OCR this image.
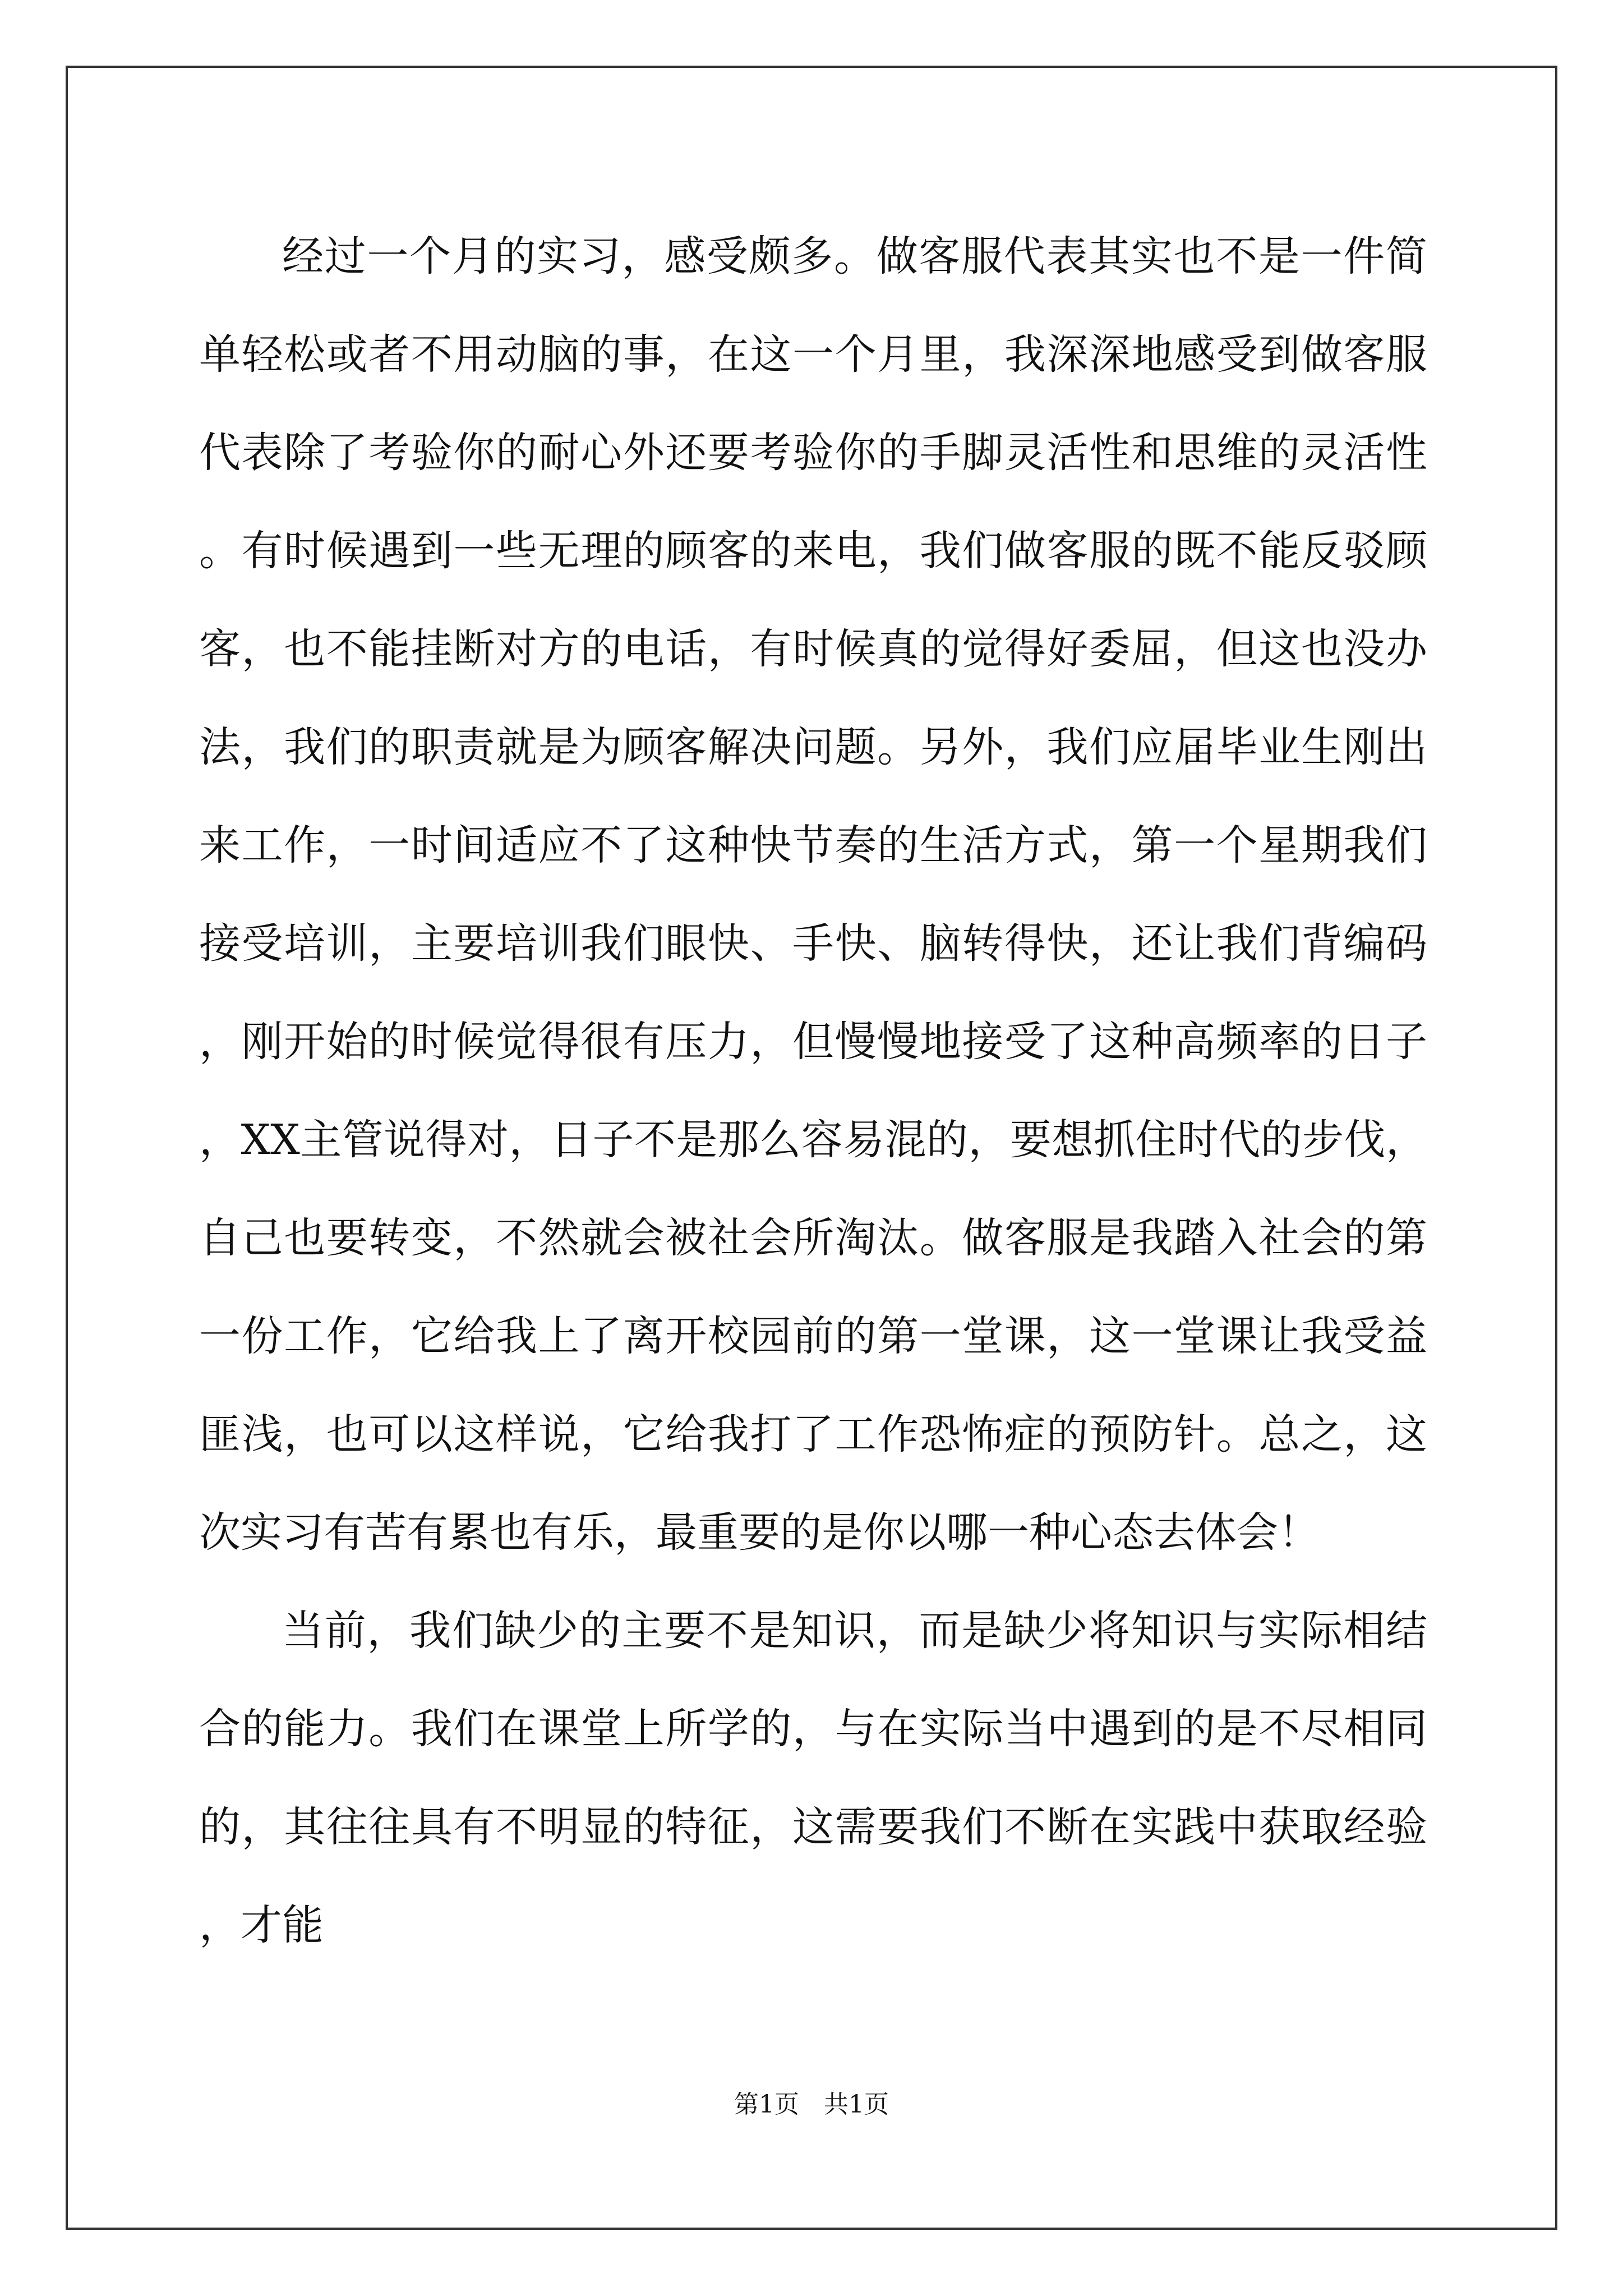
经过一个月的实习，感受颇多。做客服代表其实也不是一件简单轻松或者不用动脑的事，在这一个月里，我深深地感受到做客服代表除了考验你的耐心外还要考验你的手脚灵活性和思维的灵活性。有时候遇到一些无理的顾客的来电，我们做客服的既不能反驳顾客，也不能挂断对方的电话，有时候真的觉得好委屈，但这也没办法，我们的职责就是为顾客解决问题。另外，我们应届毕业生刚出来工作，一时间适应不了这种快节奏的生活方式，第一个星期我们接受培训，主要培训我们眼快、手快、脑转得快，还让我们背编码，刚开始的时候觉得很有压力，但慢慢地接受了这种高频率的日子，XX主管说得对，日子不是那么容易混的，要想抓住时代的步伐，自己也要转变，不然就会被社会所淘汰。做客服是我踏入社会的第一份工作，它给我上了离开校园前的第一堂课，这一堂课让我受益匪浅，也可以这样说，它给我打了工作恐怖症的预防针。总之，这次实习有苦有累也有乐，最重要的是你以哪一种心态去体会！

当前，我们缺少的主要不是知识，而是缺少将知识与实际相结合的能力。我们在课堂上所学的，与在实际当中遇到的是不尽相同的，其往往具有不明显的特征，这需要我们不断在实践中获取经验，才能

第1页　共1页
